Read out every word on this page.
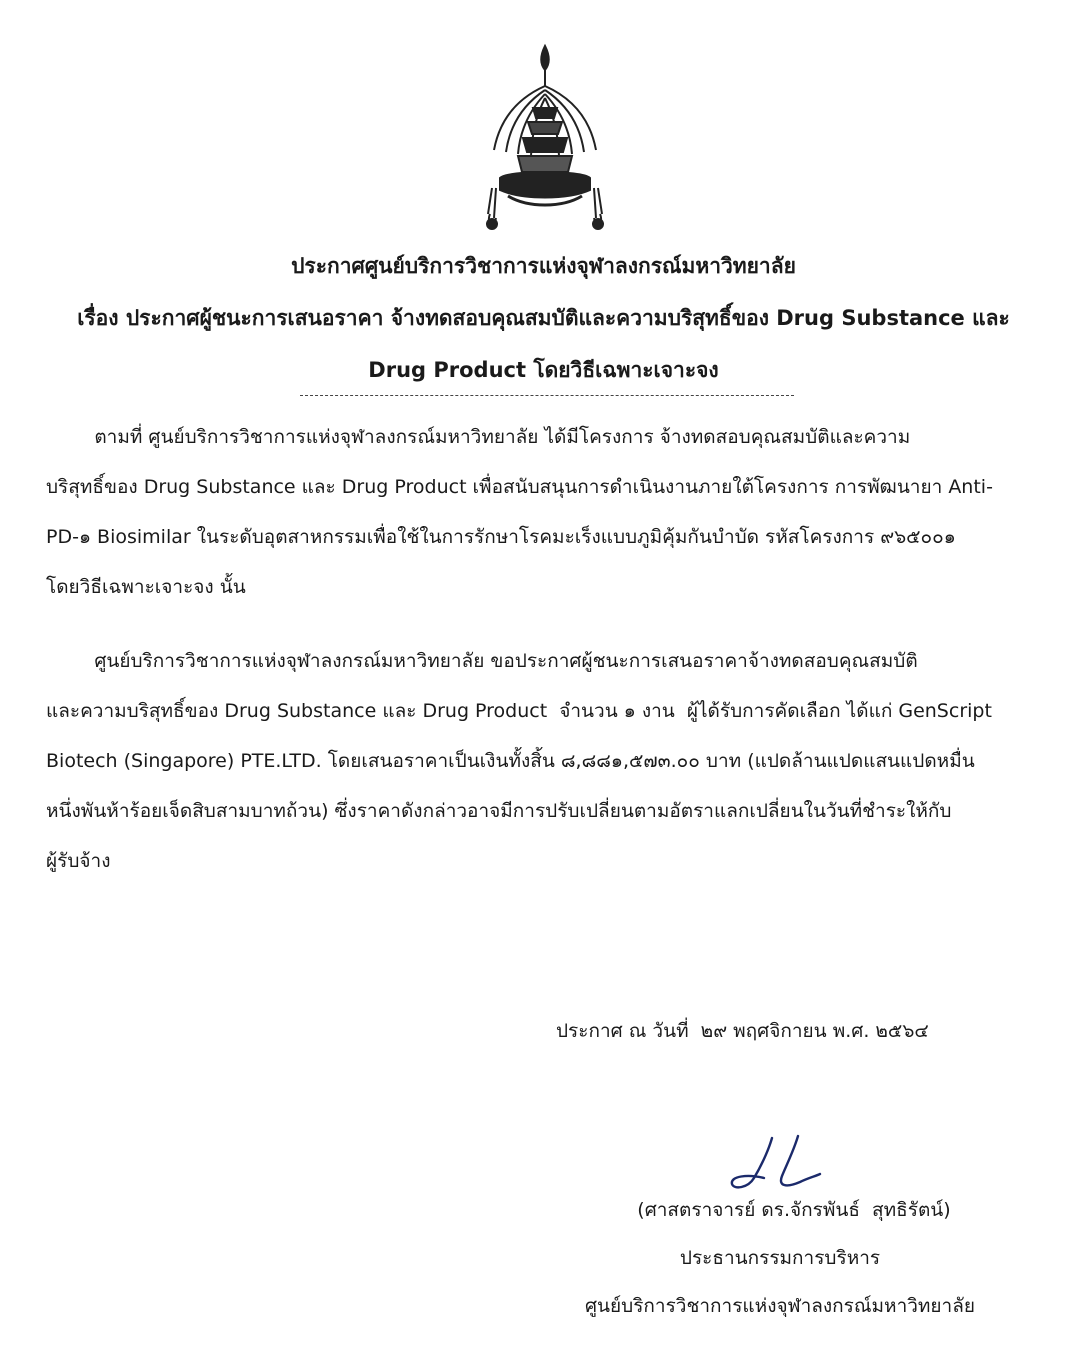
ประกาศศูนย์บริการวิชาการแห่งจุฬาลงกรณ์มหาวิทยาลัย

เรื่อง ประกาศผู้ชนะการเสนอราคา จ้างทดสอบคุณสมบัติและความบริสุทธิ์ของ Drug Substance และ

Drug Product โดยวิธีเฉพาะเจาะจง

ตามที่ ศูนย์บริการวิชาการแห่งจุฬาลงกรณ์มหาวิทยาลัย ได้มีโครงการ จ้างทดสอบคุณสมบัติและความ
บริสุทธิ์ของ Drug Substance และ Drug Product เพื่อสนับสนุนการดำเนินงานภายใต้โครงการ การพัฒนายา Anti-
PD-๑ Biosimilar ในระดับอุตสาหกรรมเพื่อใช้ในการรักษาโรคมะเร็งแบบภูมิคุ้มกันบำบัด รหัสโครงการ ๙๖๕๐๐๑
โดยวิธีเฉพาะเจาะจง นั้น
ศูนย์บริการวิชาการแห่งจุฬาลงกรณ์มหาวิทยาลัย ขอประกาศผู้ชนะการเสนอราคาจ้างทดสอบคุณสมบัติ
และความบริสุทธิ์ของ Drug Substance และ Drug Product  จำนวน ๑ งาน  ผู้ได้รับการคัดเลือก ได้แก่ GenScript
Biotech (Singapore) PTE.LTD. โดยเสนอราคาเป็นเงินทั้งสิ้น ๘,๘๘๑,๕๗๓.๐๐ บาท (แปดล้านแปดแสนแปดหมื่น
หนึ่งพันห้าร้อยเจ็ดสิบสามบาทถ้วน) ซึ่งราคาดังกล่าวอาจมีการปรับเปลี่ยนตามอัตราแลกเปลี่ยนในวันที่ชำระให้กับ
ผู้รับจ้าง
ประกาศ ณ วันที่  ๒๙ พฤศจิกายน พ.ศ. ๒๕๖๔

(ศาสตราจารย์ ดร.จักรพันธ์  สุทธิรัตน์)

ประธานกรรมการบริหาร

ศูนย์บริการวิชาการแห่งจุฬาลงกรณ์มหาวิทยาลัย
